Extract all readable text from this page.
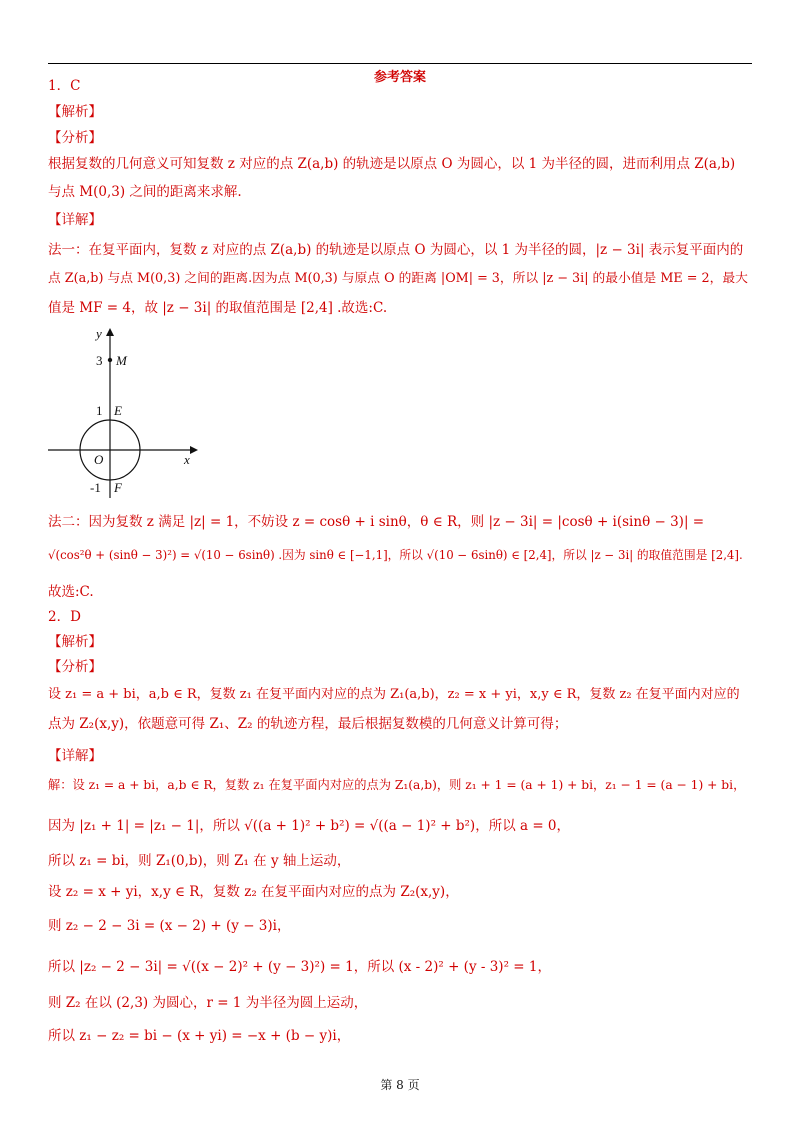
参考答案
1．C
【解析】
【分析】
根据复数的几何意义可知复数 z 对应的点 Z(a,b) 的轨迹是以原点 O 为圆心，以 1 为半径的圆，进而利用点 Z(a,b)
与点 M(0,3) 之间的距离来求解.
【详解】
法一：在复平面内，复数 z 对应的点 Z(a,b) 的轨迹是以原点 O 为圆心，以 1 为半径的圆，|z − 3i| 表示复平面内的
点 Z(a,b) 与点 M(0,3) 之间的距离.因为点 M(0,3) 与原点 O 的距离 |OM| = 3，所以 |z − 3i| 的最小值是 ME = 2，最大
值是 MF = 4，故 |z − 3i| 的取值范围是 [2,4] .故选:C.
x
y
O
3
1
-1
M
E
F
法二：因为复数 z 满足 |z| = 1，不妨设 z = cosθ + i sinθ，θ ∈ R，则 |z − 3i| = |cosθ + i(sinθ − 3)| =
√(cos²θ + (sinθ − 3)²) = √(10 − 6sinθ) .因为 sinθ ∈ [−1,1]，所以 √(10 − 6sinθ) ∈ [2,4]，所以 |z − 3i| 的取值范围是 [2,4].
故选:C.
2．D
【解析】
【分析】
设 z₁ = a + bi，a,b ∈ R，复数 z₁ 在复平面内对应的点为 Z₁(a,b)，z₂ = x + yi，x,y ∈ R，复数 z₂ 在复平面内对应的
点为 Z₂(x,y)，依题意可得 Z₁、Z₂ 的轨迹方程，最后根据复数模的几何意义计算可得；
【详解】
解：设 z₁ = a + bi，a,b ∈ R，复数 z₁ 在复平面内对应的点为 Z₁(a,b)，则 z₁ + 1 = (a + 1) + bi，z₁ − 1 = (a − 1) + bi，
因为 |z₁ + 1| = |z₁ − 1|，所以 √((a + 1)² + b²) = √((a − 1)² + b²)，所以 a = 0，
所以 z₁ = bi，则 Z₁(0,b)，则 Z₁ 在 y 轴上运动，
设 z₂ = x + yi，x,y ∈ R，复数 z₂ 在复平面内对应的点为 Z₂(x,y)，
则 z₂ − 2 − 3i = (x − 2) + (y − 3)i，
所以 |z₂ − 2 − 3i| = √((x − 2)² + (y − 3)²) = 1，所以 (x - 2)² + (y - 3)² = 1，
则 Z₂ 在以 (2,3) 为圆心，r = 1 为半径为圆上运动，
所以 z₁ − z₂ = bi − (x + yi) = −x + (b − y)i，
第 8 页
